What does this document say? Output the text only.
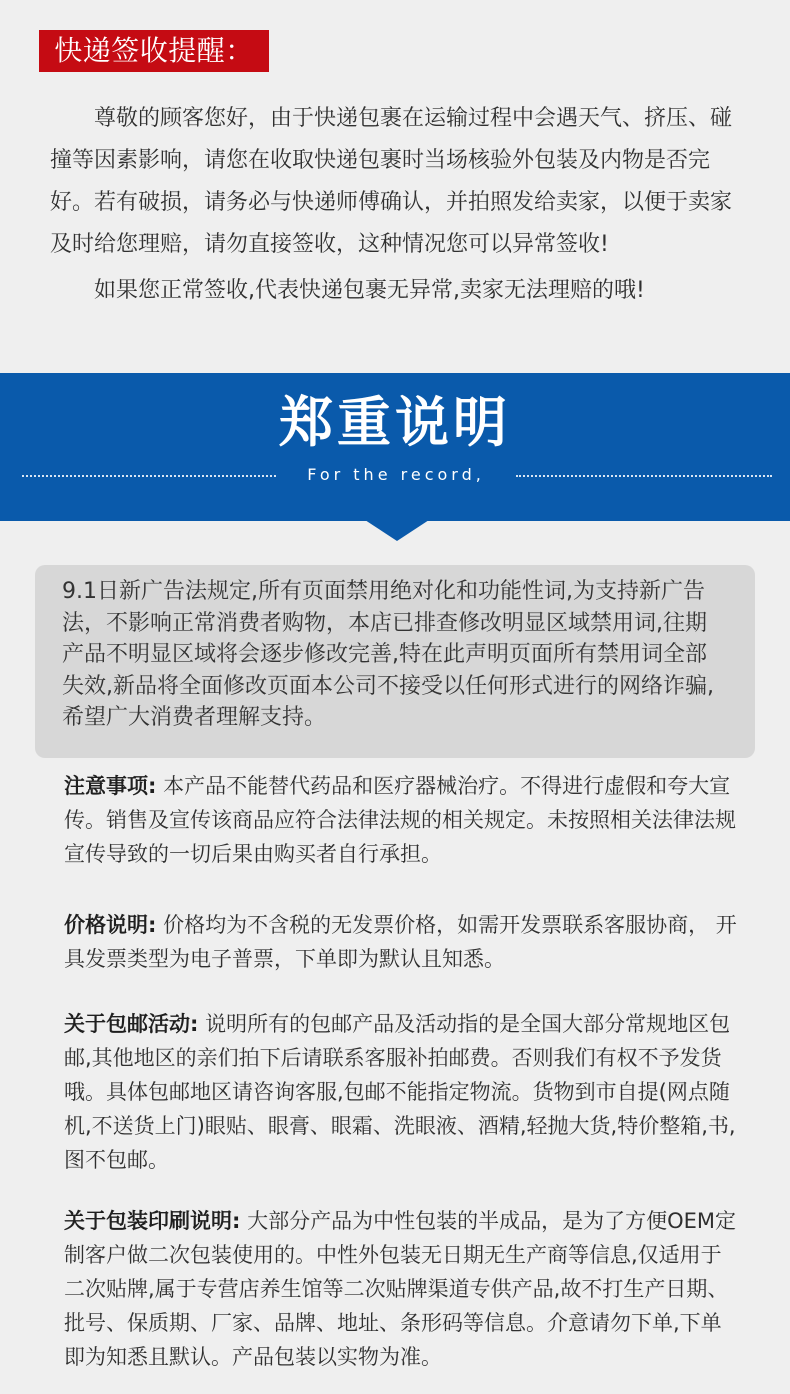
快递签收提醒：

尊敬的顾客您好，由于快递包裹在运输过程中会遇天气、挤压、碰撞等因素影响，请您在收取快递包裹时当场核验外包装及内物是否完好。若有破损，请务必与快递师傅确认，并拍照发给卖家，以便于卖家及时给您理赔，请勿直接签收，这种情况您可以异常签收!

如果您正常签收,代表快递包裹无异常,卖家无法理赔的哦!

郑重说明
For the record,
9.1日新广告法规定,所有页面禁用绝对化和功能性词,为支持新广告法，不影响正常消费者购物，本店已排查修改明显区域禁用词,往期产品不明显区域将会逐步修改完善,特在此声明页面所有禁用词全部失效,新品将全面修改页面本公司不接受以任何形式进行的网络诈骗,希望广大消费者理解支持。
注意事项: 本产品不能替代药品和医疗器械治疗。不得进行虚假和夸大宣传。销售及宣传该商品应符合法律法规的相关规定。未按照相关法律法规宣传导致的一切后果由购买者自行承担。
价格说明: 价格均为不含税的无发票价格，如需开发票联系客服协商， 开具发票类型为电子普票，下单即为默认且知悉。
关于包邮活动: 说明所有的包邮产品及活动指的是全国大部分常规地区包邮,其他地区的亲们拍下后请联系客服补拍邮费。否则我们有权不予发货哦。具体包邮地区请咨询客服,包邮不能指定物流。货物到市自提(网点随机,不送货上门)眼贴、眼膏、眼霜、洗眼液、酒精,轻抛大货,特价整箱,书,图不包邮。
关于包装印刷说明: 大部分产品为中性包装的半成品，是为了方便OEM定制客户做二次包装使用的。中性外包装无日期无生产商等信息,仅适用于二次贴牌,属于专营店养生馆等二次贴牌渠道专供产品,故不打生产日期、批号、保质期、厂家、品牌、地址、条形码等信息。介意请勿下单,下单即为知悉且默认。产品包装以实物为准。
